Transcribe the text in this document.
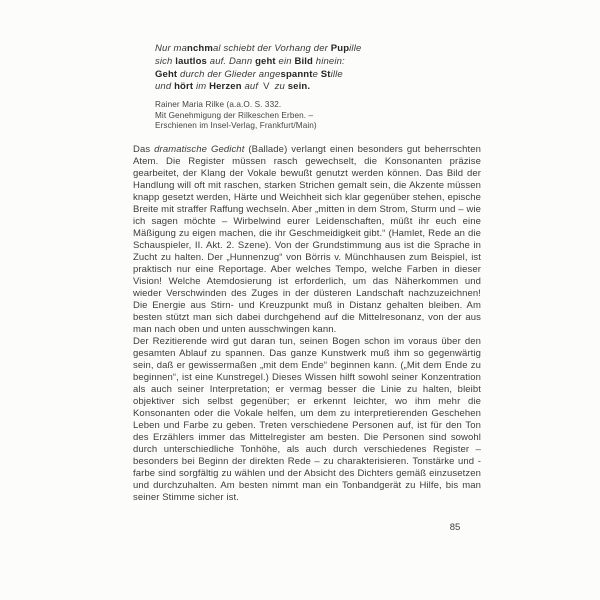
Nur manchmal schiebt der Vorhang der Pupille
sich lautlos auf. Dann geht ein Bild hinein:
Geht durch der Glieder angespannte Stille
und hört im Herzen auf V zu sein.
Rainer Maria Rilke (a.a.O. S. 332.
Mit Genehmigung der Rilkeschen Erben. –
Erschienen im Insel-Verlag, Frankfurt/Main)

Das dramatische Gedicht (Ballade) verlangt einen besonders gut beherrschten Atem. Die Register müssen rasch gewechselt, die Konsonanten präzise gearbeitet, der Klang der Vokale bewußt genutzt werden können. Das Bild der Handlung will oft mit raschen, starken Strichen gemalt sein, die Akzente müssen knapp gesetzt werden, Härte und Weichheit sich klar gegenüber stehen, epische Breite mit straffer Raffung wechseln. Aber „mitten in dem Strom, Sturm und – wie ich sagen möchte – Wirbelwind eurer Leidenschaften, müßt ihr euch eine Mäßigung zu eigen machen, die ihr Geschmeidigkeit gibt.“ (Hamlet, Rede an die Schauspieler, II. Akt. 2. Szene). Von der Grundstimmung aus ist die Sprache in Zucht zu halten. Der „Hunnenzug“ von Börris v. Münchhausen zum Beispiel, ist praktisch nur eine Reportage. Aber welches Tempo, welche Farben in dieser Vision! Welche Atemdosierung ist erforderlich, um das Näherkommen und wieder Verschwinden des Zuges in der düsteren Landschaft nachzuzeichnen! Die Energie aus Stirn- und Kreuzpunkt muß in Distanz gehalten bleiben. Am besten stützt man sich dabei durchgehend auf die Mittelresonanz, von der aus man nach oben und unten ausschwingen kann.

Der Rezitierende wird gut daran tun, seinen Bogen schon im voraus über den gesamten Ablauf zu spannen. Das ganze Kunstwerk muß ihm so gegenwärtig sein, daß er gewissermaßen „mit dem Ende“ beginnen kann. („Mit dem Ende zu beginnen“, ist eine Kunstregel.) Dieses Wissen hilft sowohl seiner Konzentration als auch seiner Interpretation; er vermag besser die Linie zu halten, bleibt objektiver sich selbst gegenüber; er erkennt leichter, wo ihm mehr die Konsonanten oder die Vokale helfen, um dem zu interpretierenden Geschehen Leben und Farbe zu geben. Treten verschiedene Personen auf, ist für den Ton des Erzählers immer das Mittelregister am besten. Die Personen sind sowohl durch unterschiedliche Tonhöhe, als auch durch verschiedenes Register – besonders bei Beginn der direkten Rede – zu charakterisieren. Tonstärke und -farbe sind sorgfältig zu wählen und der Absicht des Dichters gemäß einzusetzen und durchzuhalten. Am besten nimmt man ein Tonbandgerät zu Hilfe, bis man seiner Stimme sicher ist.

85
